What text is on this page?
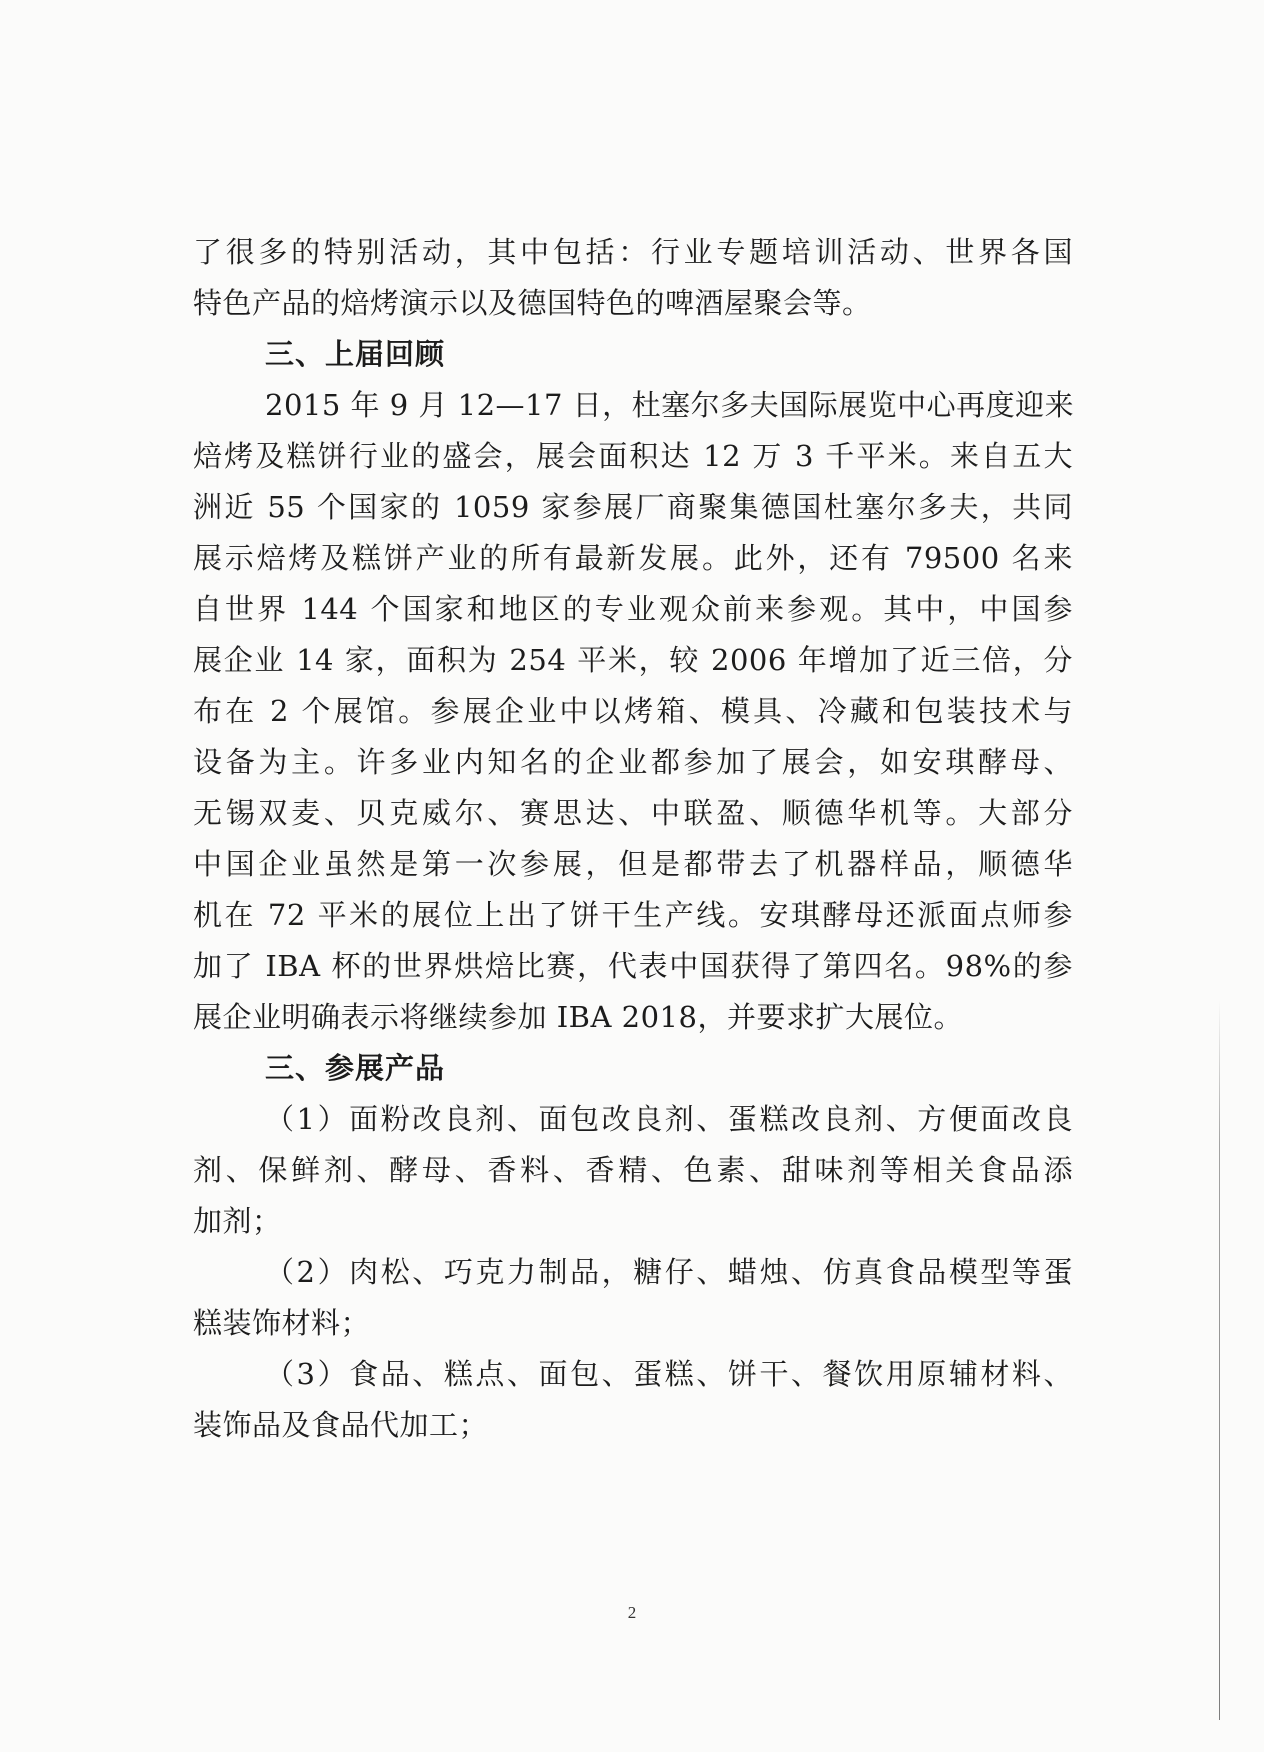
了很多的特别活动，其中包括：行业专题培训活动、世界各国
特色产品的焙烤演示以及德国特色的啤酒屋聚会等。
三、上届回顾
2015 年 9 月 12—17 日，杜塞尔多夫国际展览中心再度迎来
焙烤及糕饼行业的盛会，展会面积达 12 万 3 千平米。来自五大
洲近 55 个国家的 1059 家参展厂商聚集德国杜塞尔多夫，共同
展示焙烤及糕饼产业的所有最新发展。此外，还有 79500 名来
自世界 144 个国家和地区的专业观众前来参观。其中，中国参
展企业 14 家，面积为 254 平米，较 2006 年增加了近三倍，分
布在 2 个展馆。参展企业中以烤箱、模具、冷藏和包装技术与
设备为主。许多业内知名的企业都参加了展会，如安琪酵母、
无锡双麦、贝克威尔、赛思达、中联盈、顺德华机等。大部分
中国企业虽然是第一次参展，但是都带去了机器样品，顺德华
机在 72 平米的展位上出了饼干生产线。安琪酵母还派面点师参
加了 IBA 杯的世界烘焙比赛，代表中国获得了第四名。98%的参
展企业明确表示将继续参加 IBA 2018，并要求扩大展位。
三、参展产品
（1）面粉改良剂、面包改良剂、蛋糕改良剂、方便面改良
剂、保鲜剂、酵母、香料、香精、色素、甜味剂等相关食品添
加剂；
（2）肉松、巧克力制品，糖仔、蜡烛、仿真食品模型等蛋
糕装饰材料；
（3）食品、糕点、面包、蛋糕、饼干、餐饮用原辅材料、
装饰品及食品代加工；
2
